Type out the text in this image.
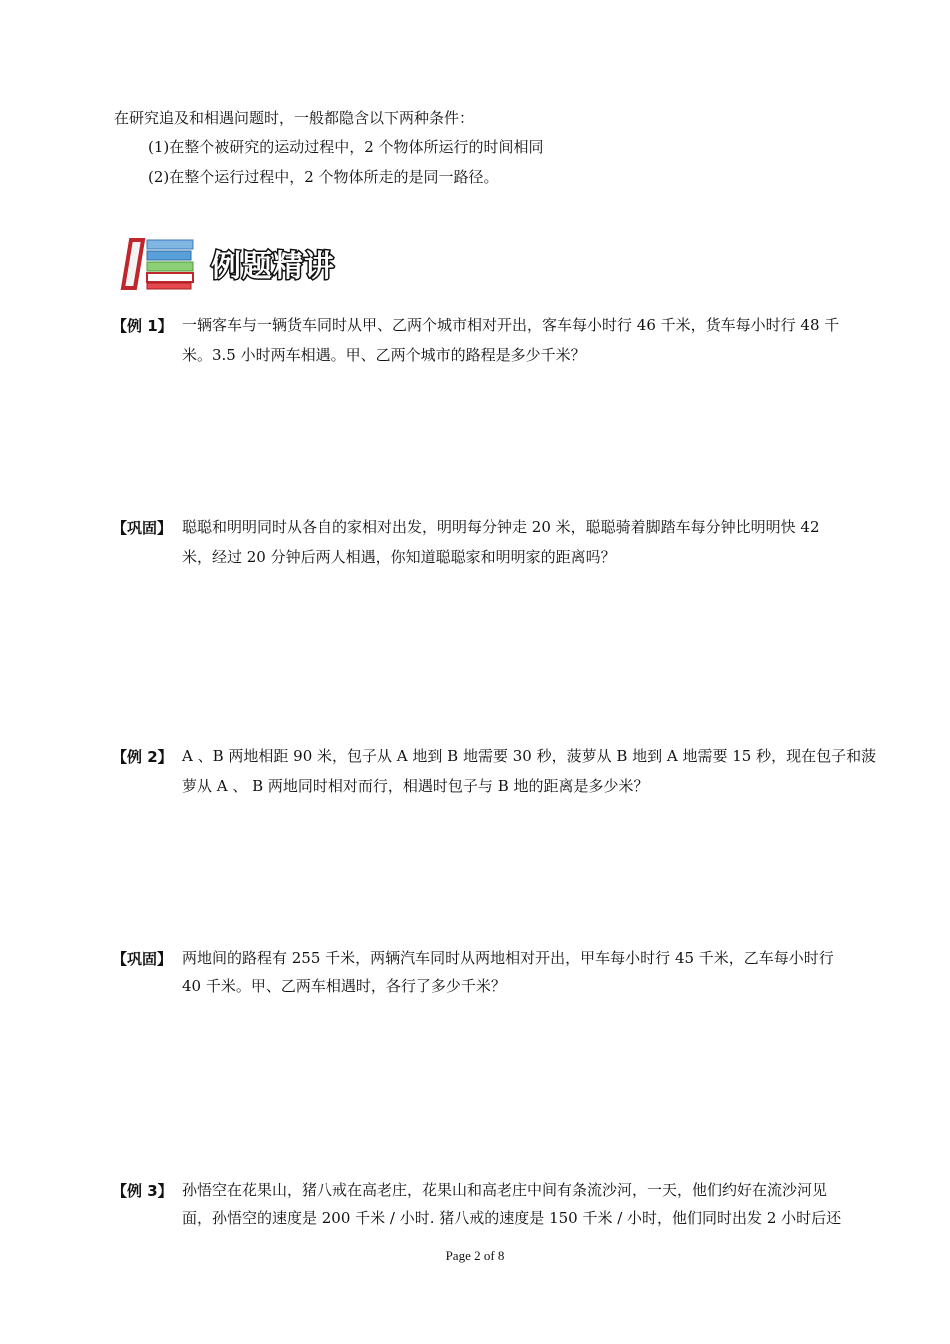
在研究追及和相遇问题时，一般都隐含以下两种条件：
(1)在整个被研究的运动过程中，2 个物体所运行的时间相同
(2)在整个运行过程中，2 个物体所走的是同一路径。
例题精讲
【例 1】 一辆客车与一辆货车同时从甲、乙两个城市相对开出，客车每小时行 46 千米，货车每小时行 48 千
米。3.5 小时两车相遇。甲、乙两个城市的路程是多少千米？
【巩固】 聪聪和明明同时从各自的家相对出发，明明每分钟走 20 米，聪聪骑着脚踏车每分钟比明明快 42
米，经过 20 分钟后两人相遇，你知道聪聪家和明明家的距离吗？
【例 2】 A 、B 两地相距 90 米，包子从 A 地到 B 地需要 30 秒，菠萝从 B 地到 A 地需要 15 秒，现在包子和菠
萝从 A 、 B 两地同时相对而行，相遇时包子与 B 地的距离是多少米？
【巩固】 两地间的路程有 255 千米，两辆汽车同时从两地相对开出，甲车每小时行 45 千米，乙车每小时行
40 千米。甲、乙两车相遇时，各行了多少千米？
【例 3】 孙悟空在花果山，猪八戒在高老庄，花果山和高老庄中间有条流沙河，一天，他们约好在流沙河见
面，孙悟空的速度是 200 千米 / 小时. 猪八戒的速度是 150 千米 / 小时，他们同时出发 2 小时后还
Page 2 of 8
